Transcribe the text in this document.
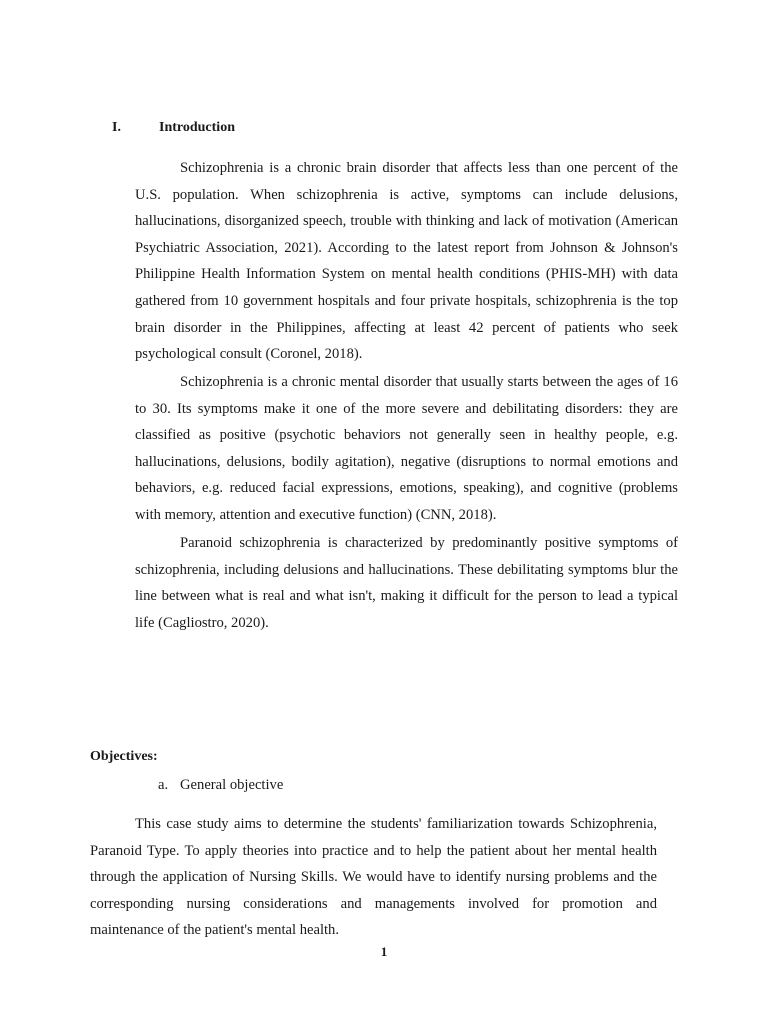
I.	Introduction

Schizophrenia is a chronic brain disorder that affects less than one percent of the U.S. population. When schizophrenia is active, symptoms can include delusions, hallucinations, disorganized speech, trouble with thinking and lack of motivation (American Psychiatric Association, 2021). According to the latest report from Johnson & Johnson's Philippine Health Information System on mental health conditions (PHIS-MH) with data gathered from 10 government hospitals and four private hospitals, schizophrenia is the top brain disorder in the Philippines, affecting at least 42 percent of patients who seek psychological consult (Coronel, 2018).

Schizophrenia is a chronic mental disorder that usually starts between the ages of 16 to 30. Its symptoms make it one of the more severe and debilitating disorders: they are classified as positive (psychotic behaviors not generally seen in healthy people, e.g. hallucinations, delusions, bodily agitation), negative (disruptions to normal emotions and behaviors, e.g. reduced facial expressions, emotions, speaking), and cognitive (problems with memory, attention and executive function) (CNN, 2018).

Paranoid schizophrenia is characterized by predominantly positive symptoms of schizophrenia, including delusions and hallucinations. These debilitating symptoms blur the line between what is real and what isn't, making it difficult for the person to lead a typical life (Cagliostro, 2020).

Objectives:
a. General objective

This case study aims to determine the students' familiarization towards Schizophrenia, Paranoid Type. To apply theories into practice and to help the patient about her mental health through the application of Nursing Skills. We would have to identify nursing problems and the corresponding nursing considerations and managements involved for promotion and maintenance of the patient's mental health.

1
